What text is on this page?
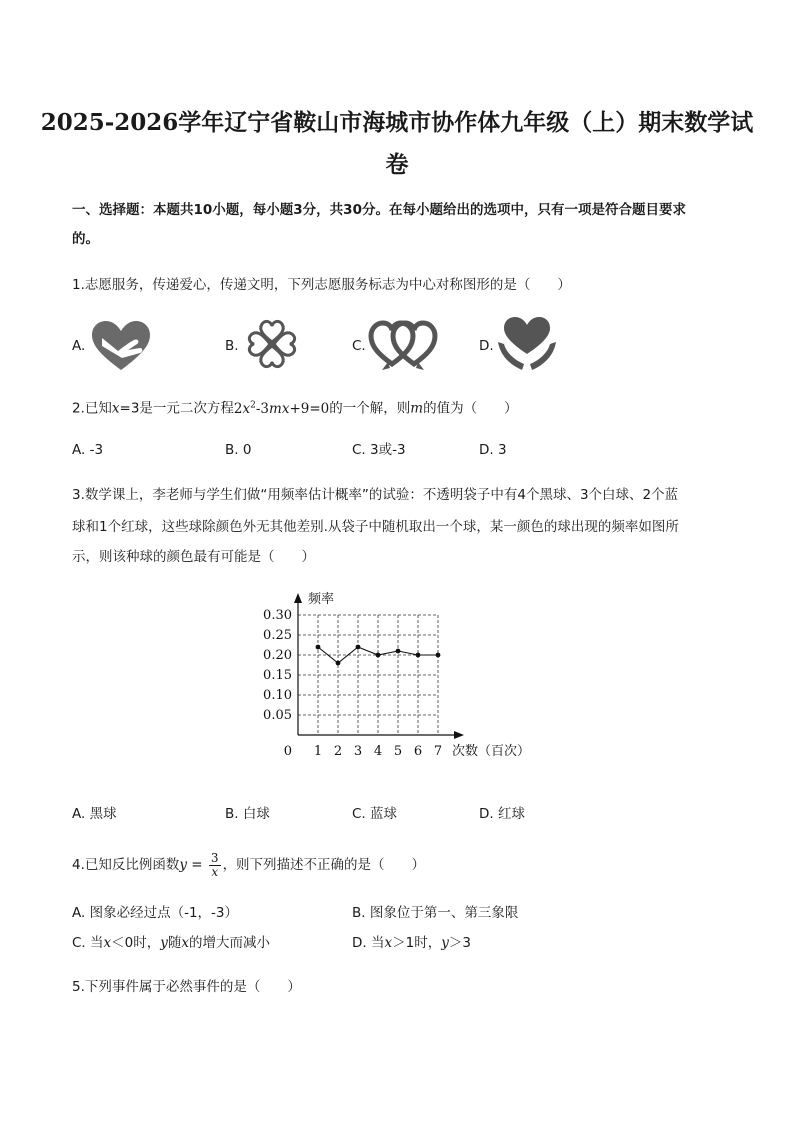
2025-2026学年辽宁省鞍山市海城市协作体九年级（上）期末数学试
卷
一、选择题：本题共10小题，每小题3分，共30分。在每小题给出的选项中，只有一项是符合题目要求
的。
1.志愿服务，传递爱心，传递文明，下列志愿服务标志为中心对称图形的是（　　）
A.	B.	C.	D.
2.已知x=3是一元二次方程$2x^2-3mx+9=0$的一个解，则m的值为（　　）
A. -3	B. 0	C. 3或-3	D. 3
3.数学课上，李老师与学生们做“用频率估计概率”的试验：不透明袋子中有4个黑球、3个白球、2个蓝
球和1个红球，这些球除颜色外无其他差别.从袋子中随机取出一个球，某一颜色的球出现的频率如图所
示，则该种球的颜色最有可能是（　　）
0.05
0.10
0.15
0.20
0.25
0.30
1 2 3 4 5 6 7
0
频率
次数（百次）
A. 黑球	B. 白球	C. 蓝球	D. 红球
4.已知反比例函数$y = \frac{3}{x}$ ，则下列描述不正确的是（　　）
A. 图象必经过点（-1，-3）	B. 图象位于第一、第三象限
C. 当x＜0时，y随x的增大而减小	D. 当x＞1时，y＞3
5.下列事件属于必然事件的是（　　）
